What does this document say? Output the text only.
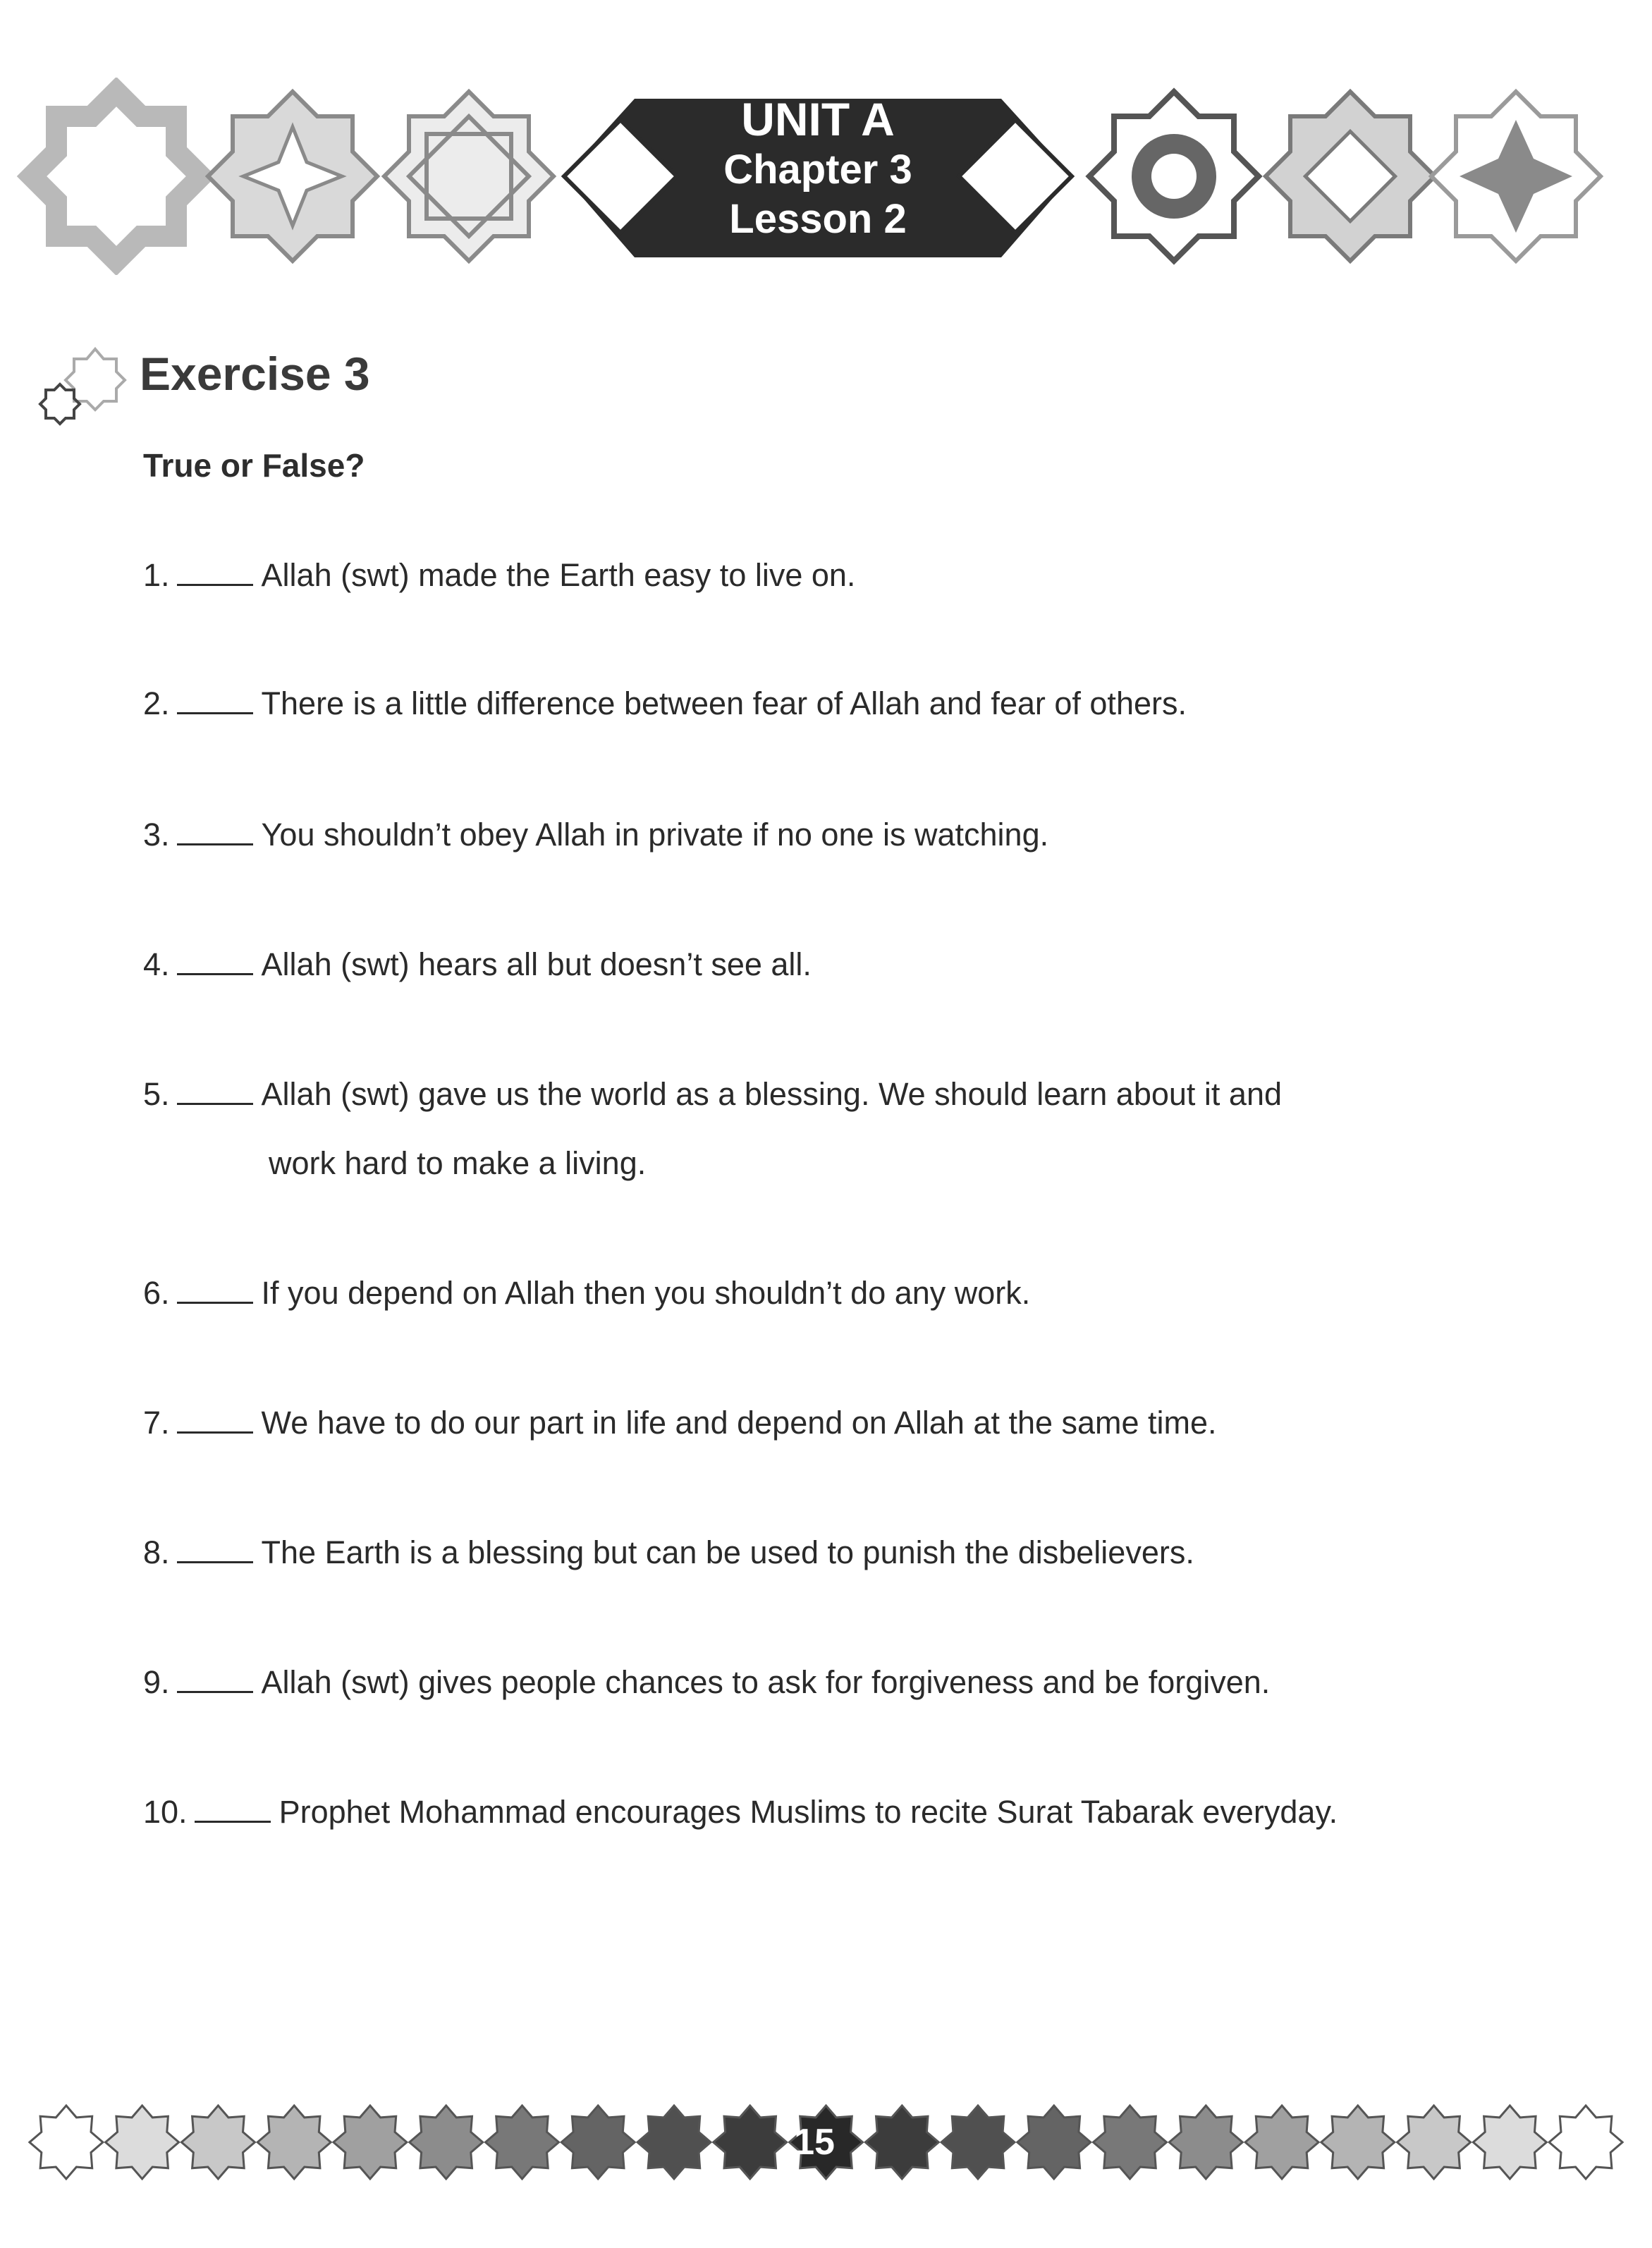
UNIT A
Chapter 3
Lesson 2
Exercise 3
True or False?
1.	Allah (swt) made the Earth easy to live on.
2.	There is a little difference between fear of Allah and fear of others.
3.	You shouldn’t obey Allah in private if no one is watching.
4.	Allah (swt) hears all but doesn’t see all.
5.	Allah (swt) gave us the world as a blessing. We should learn about it and
work hard to make a living.
6.	If you depend on Allah then you shouldn’t do any work.
7.	We have to do our part in life and depend on Allah at the same time.
8.	The Earth is a blessing but can be used to punish the disbelievers.
9.	Allah (swt) gives people chances to ask for forgiveness and be forgiven.
10.	Prophet Mohammad encourages Muslims to recite Surat Tabarak everyday.
15
